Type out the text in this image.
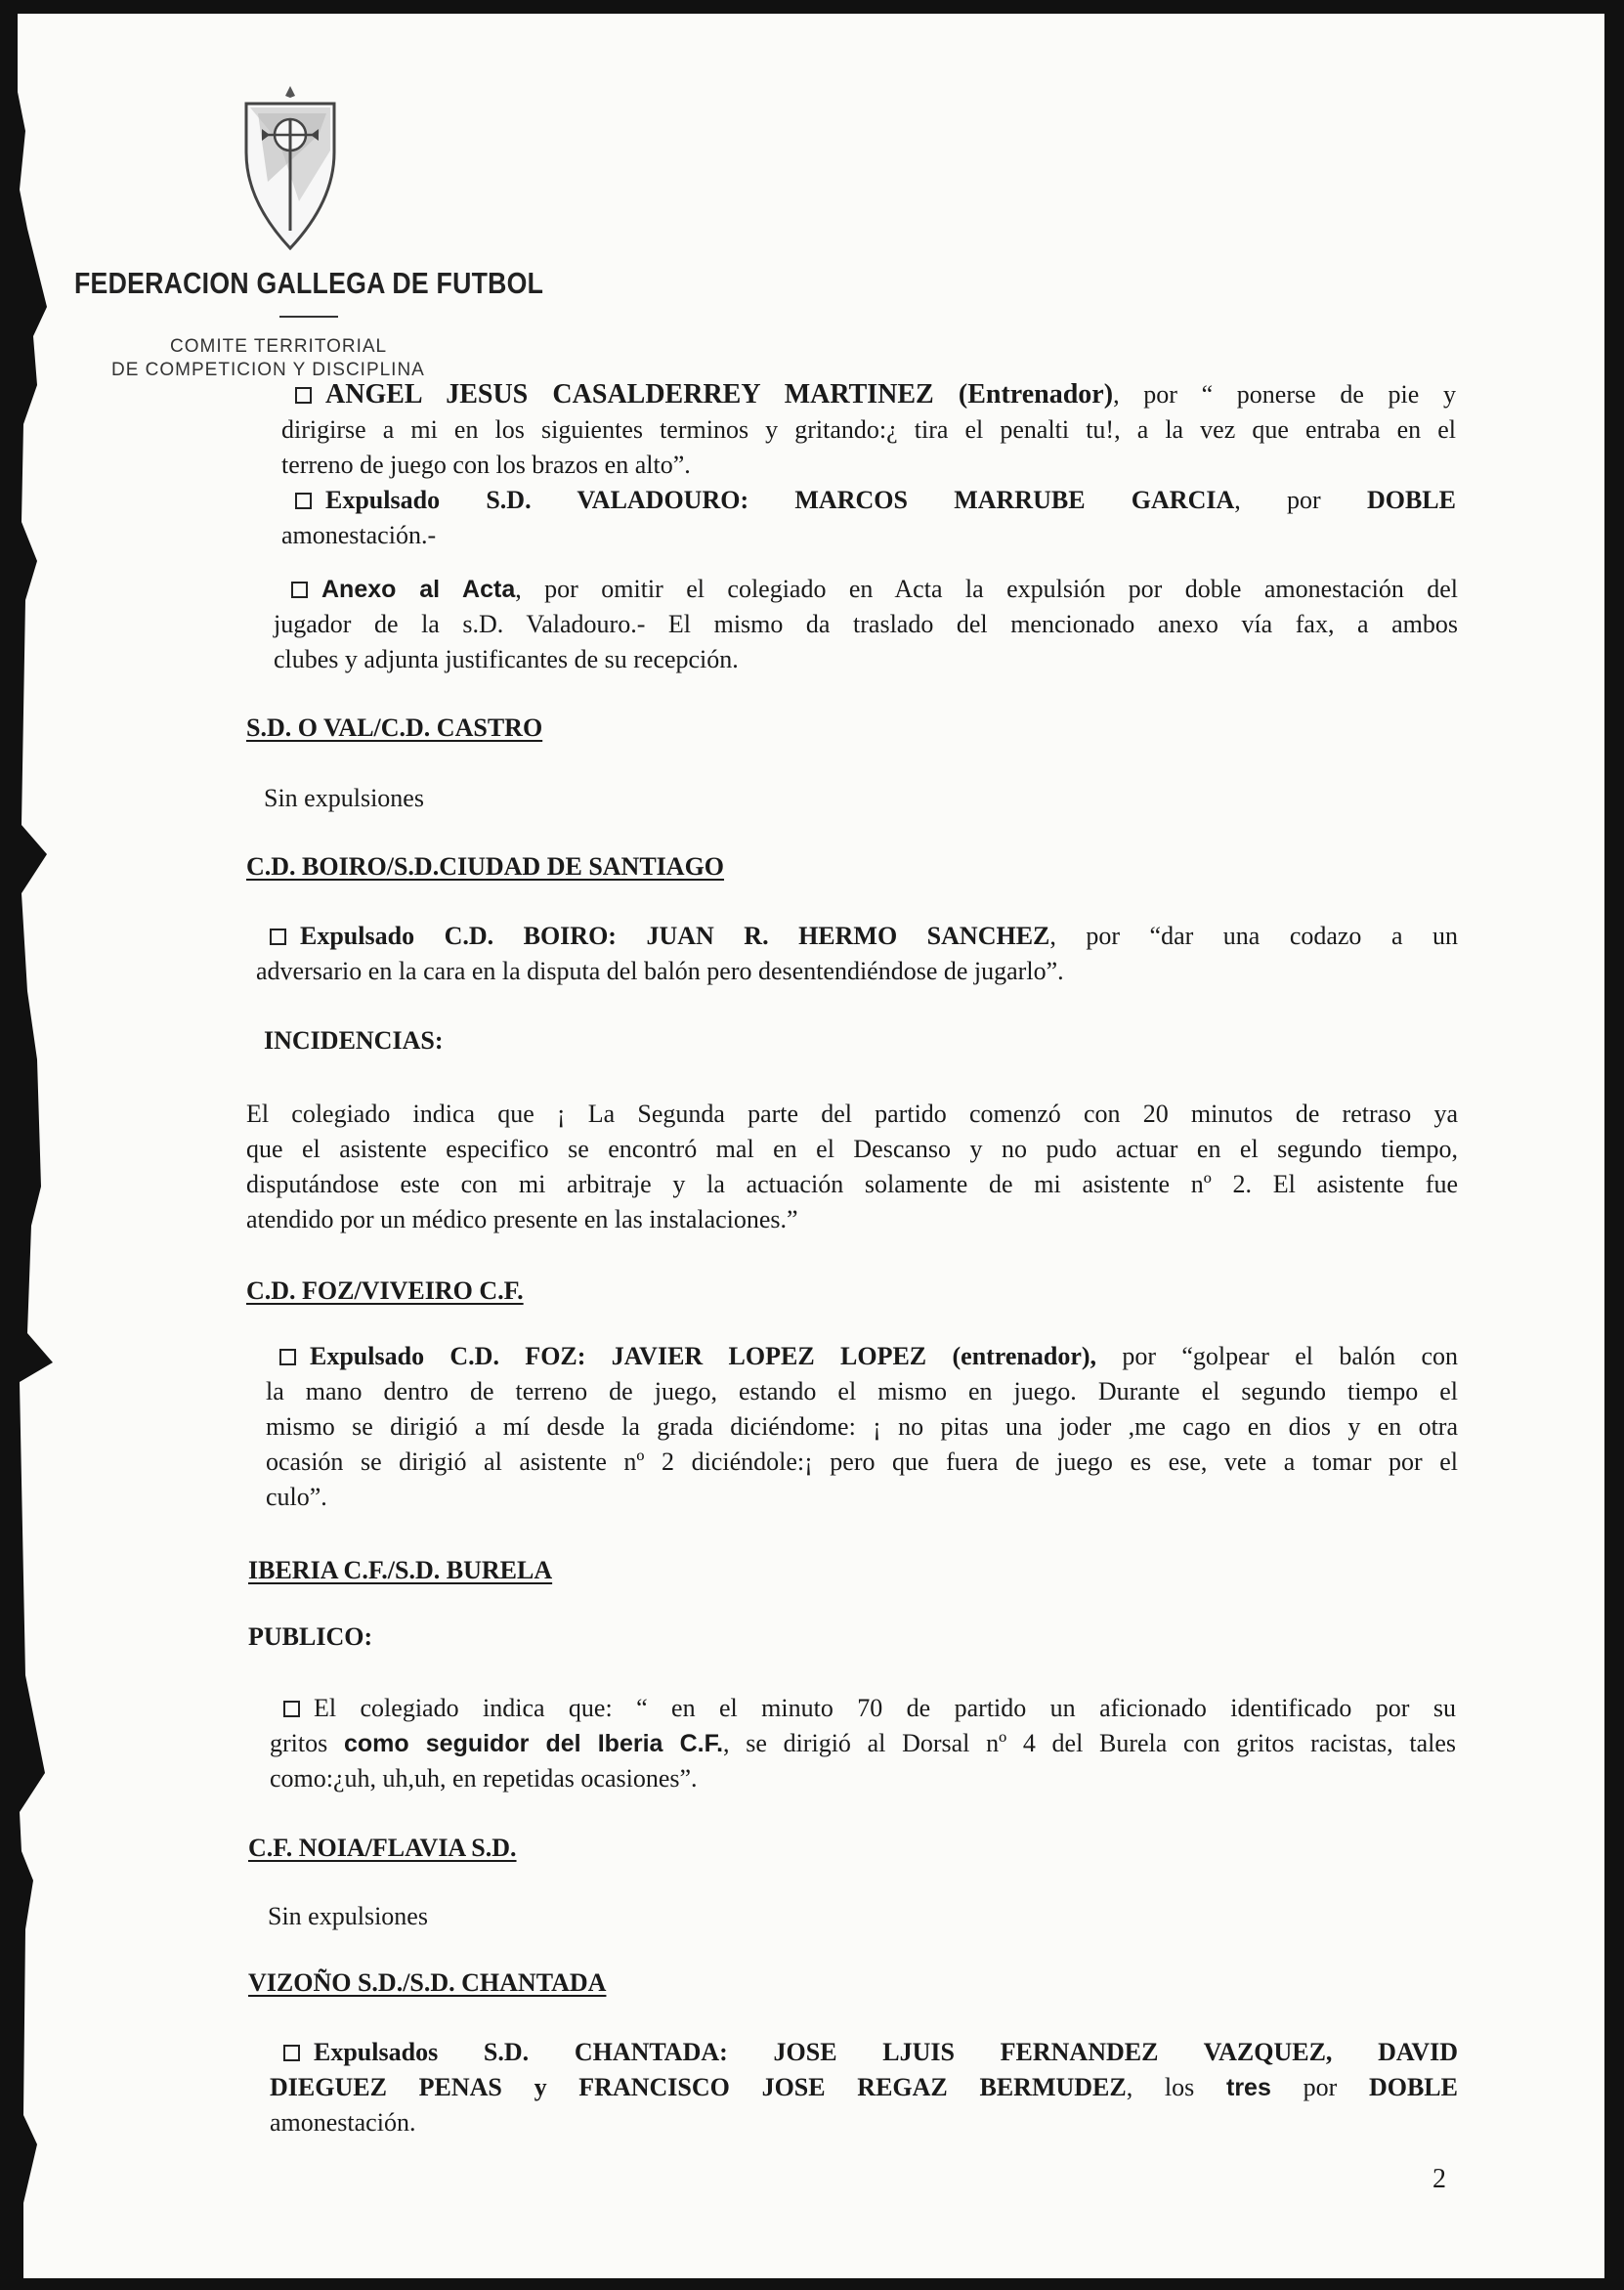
FEDERACION GALLEGA DE FUTBOL
COMITE TERRITORIAL
DE COMPETICION Y DISCIPLINA
ANGEL JESUS CASALDERREY MARTINEZ (Entrenador), por “ ponerse de pie y
dirigirse a mi en los siguientes terminos y gritando:¿ tira el penalti tu!, a la vez que entraba en el
terreno de juego con los brazos en alto”.
Expulsado S.D. VALADOURO: MARCOS MARRUBE GARCIA, por DOBLE
amonestación.-
Anexo al Acta, por omitir el colegiado en Acta la expulsión por doble amonestación del
jugador de la s.D. Valadouro.- El mismo da traslado del mencionado anexo vía fax, a ambos
clubes y adjunta justificantes de su recepción.
S.D. O VAL/C.D. CASTRO
Sin expulsiones
C.D. BOIRO/S.D.CIUDAD DE SANTIAGO
Expulsado C.D. BOIRO: JUAN R. HERMO SANCHEZ, por “dar una codazo a un
adversario en la cara en la disputa del balón pero desentendiéndose de jugarlo”.
INCIDENCIAS:
El colegiado indica que ¡ La Segunda parte del partido comenzó con 20 minutos de retraso ya
que el asistente especifico se encontró mal en el Descanso y no pudo actuar en el segundo tiempo,
disputándose este con mi arbitraje y la actuación solamente de mi asistente nº 2. El asistente fue
atendido por un médico presente en las instalaciones.”
C.D. FOZ/VIVEIRO C.F.
Expulsado C.D. FOZ: JAVIER LOPEZ LOPEZ (entrenador), por “golpear el balón con
la mano dentro de terreno de juego, estando el mismo en juego. Durante el segundo tiempo el
mismo se dirigió a mí desde la grada diciéndome: ¡ no pitas una joder ,me cago en dios y en otra
ocasión se dirigió al asistente nº 2 diciéndole:¡ pero que fuera de juego es ese, vete a tomar por el
culo”.
IBERIA C.F./S.D. BURELA
PUBLICO:
El colegiado indica que: “ en el minuto 70 de partido un aficionado identificado por su
gritos como seguidor del Iberia C.F., se dirigió al Dorsal nº 4 del Burela con gritos racistas, tales
como:¿uh, uh,uh, en repetidas ocasiones”.
C.F. NOIA/FLAVIA S.D.
Sin expulsiones
VIZOÑO S.D./S.D. CHANTADA
Expulsados S.D. CHANTADA: JOSE LJUIS FERNANDEZ VAZQUEZ, DAVID
DIEGUEZ PENAS y FRANCISCO JOSE REGAZ BERMUDEZ, los tres por DOBLE
amonestación.
2
